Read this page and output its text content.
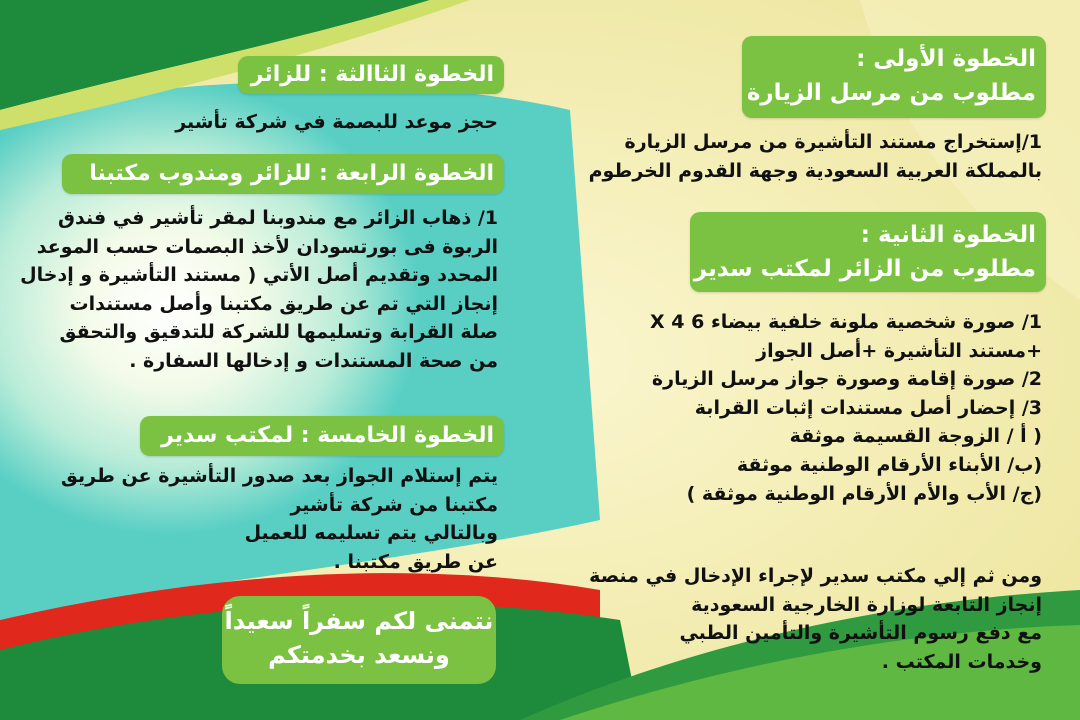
الخطوة الأولى :
مطلوب من مرسل الزيارة
1/إستخراج مستند التأشيرة من مرسل الزيارة
بالمملكة العربية السعودية وجهة القدوم الخرطوم
الخطوة الثانية :
مطلوب من الزائر لمكتب سدير
1/ صورة شخصية ملونة خلفية بيضاء 6 X 4
+مستند التأشيرة +أصل الجواز
2/ صورة إقامة وصورة جواز مرسل الزيارة
3/ إحضار أصل مستندات إثبات القرابة
( أ / الزوجة القسيمة موثقة
(ب/ الأبناء الأرقام الوطنية موثقة
(ج/ الأب والأم الأرقام الوطنية موثقة )
ومن ثم إلي مكتب سدير لإجراء الإدخال في منصة
إنجاز التابعة لوزارة الخارجية السعودية
مع دفع رسوم التأشيرة والتأمين الطبي
وخدمات المكتب .
الخطوة الثاالثة : للزائر
حجز موعد للبصمة في شركة تأشير
الخطوة الرابعة : للزائر ومندوب مكتبنا
1/ ذهاب الزائر مع مندوبنا لمقر تأشير في فندق
الربوة فى بورتسودان لأخذ البصمات حسب الموعد
المحدد وتقديم أصل الأتي ( مستند التأشيرة و إدخال
إنجاز التي تم عن طريق مكتبنا وأصل مستندات
صلة القرابة وتسليمها للشركة للتدقيق والتحقق
من صحة المستندات و إدخالها السفارة .
الخطوة الخامسة : لمكتب سدير
يتم إستلام الجواز بعد صدور التأشيرة عن طريق
مكتبنا من شركة تأشير
وبالتالي يتم تسليمه للعميل
عن طريق مكتبنا .
نتمنى لكم سفراً سعيداً
ونسعد بخدمتكم
